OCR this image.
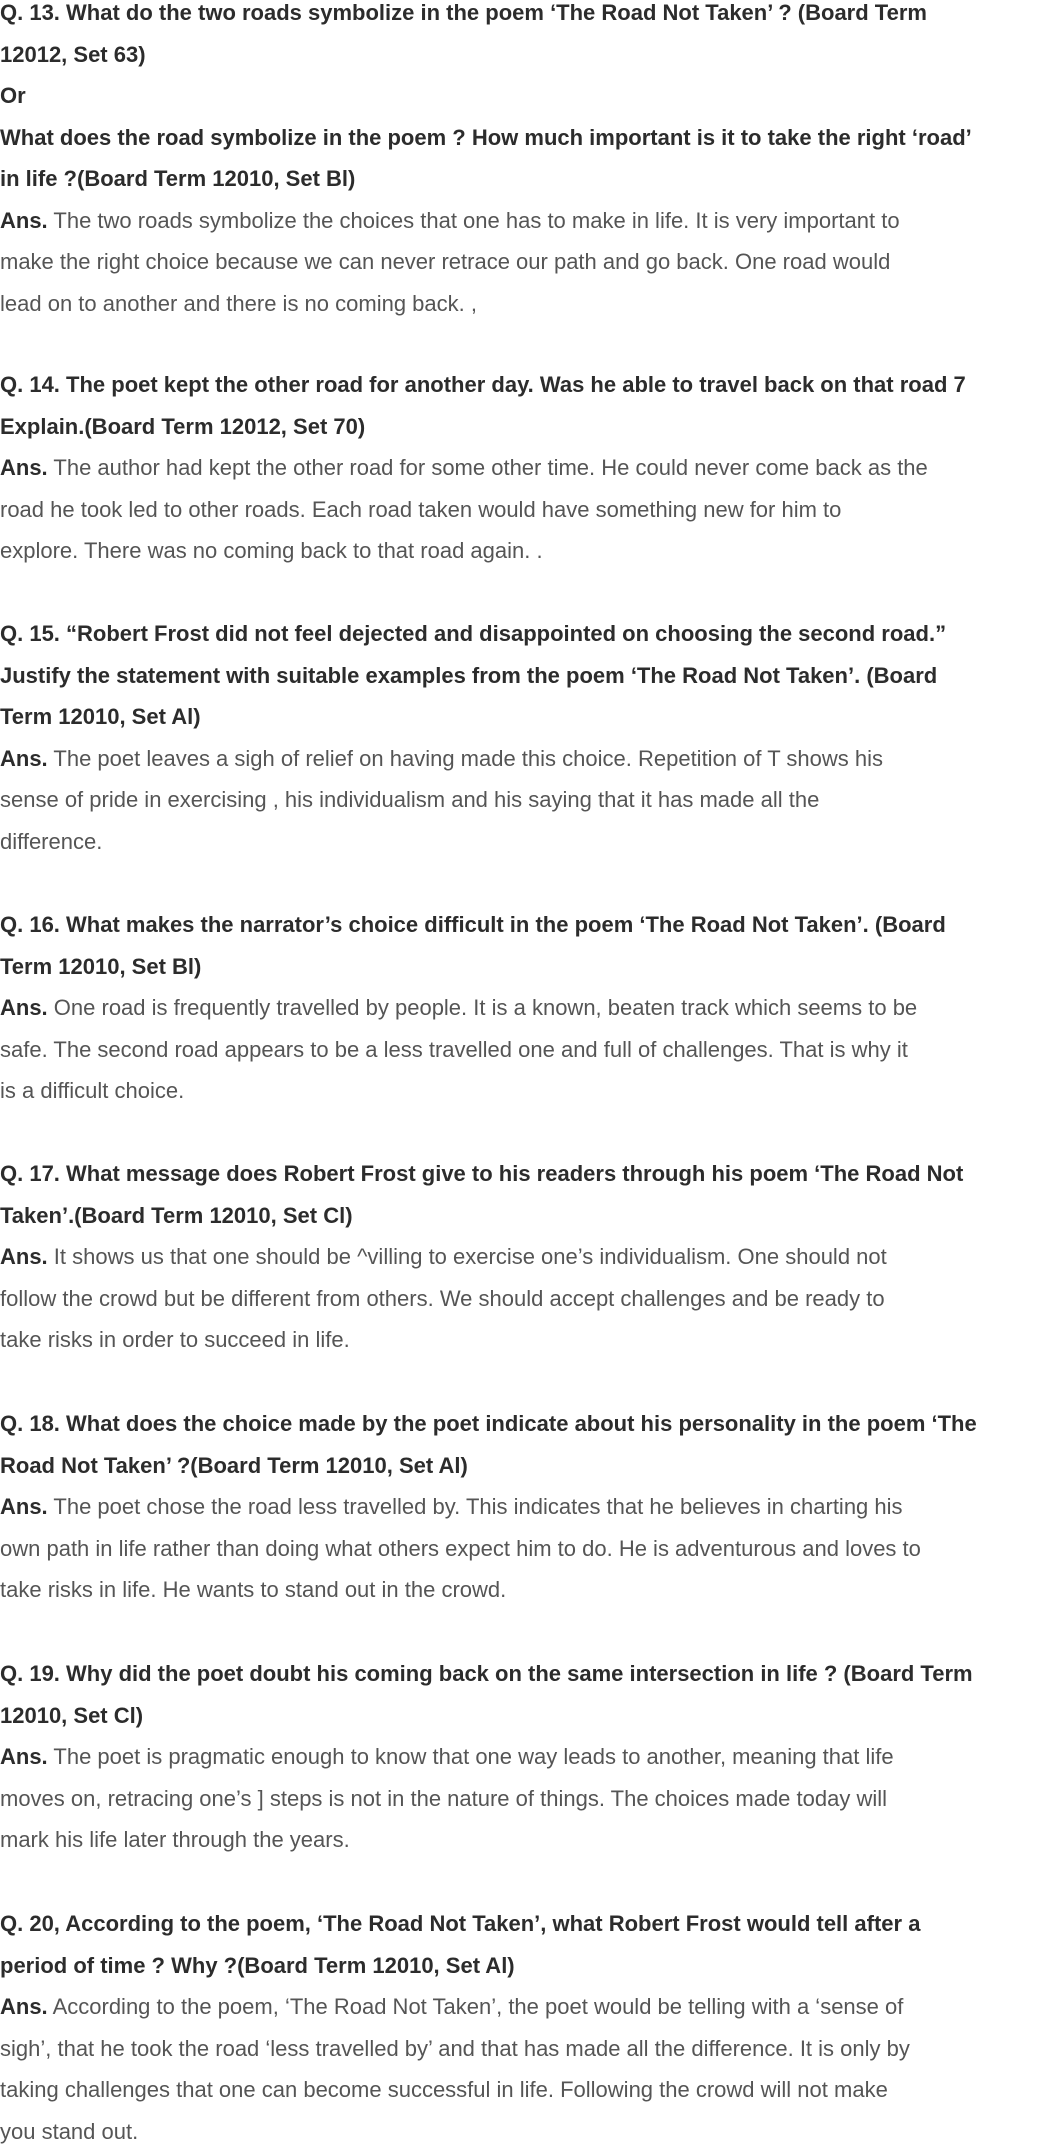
Q. 13. What do the two roads symbolize in the poem ‘The Road Not Taken’ ? (Board Term
12012, Set 63)
Or
What does the road symbolize in the poem ? How much important is it to take the right ‘road’
in life ?(Board Term 12010, Set Bl)
Ans. The two roads symbolize the choices that one has to make in life. It is very important to
make the right choice because we can never retrace our path and go back. One road would
lead on to another and there is no coming back. ,
Q. 14. The poet kept the other road for another day. Was he able to travel back on that road 7
Explain.(Board Term 12012, Set 70)
Ans. The author had kept the other road for some other time. He could never come back as the
road he took led to other roads. Each road taken would have something new for him to
explore. There was no coming back to that road again. .
Q. 15. “Robert Frost did not feel dejected and disappointed on choosing the second road.”
Justify the statement with suitable examples from the poem ‘The Road Not Taken’. (Board
Term 12010, Set Al)
Ans. The poet leaves a sigh of relief on having made this choice. Repetition of T shows his
sense of pride in exercising , his individualism and his saying that it has made all the
difference.
Q. 16. What makes the narrator’s choice difficult in the poem ‘The Road Not Taken’. (Board
Term 12010, Set Bl)
Ans. One road is frequently travelled by people. It is a known, beaten track which seems to be
safe. The second road appears to be a less travelled one and full of challenges. That is why it
is a difficult choice.
Q. 17. What message does Robert Frost give to his readers through his poem ‘The Road Not
Taken’.(Board Term 12010, Set Cl)
Ans. It shows us that one should be ^villing to exercise one’s individualism. One should not
follow the crowd but be different from others. We should accept challenges and be ready to
take risks in order to succeed in life.
Q. 18. What does the choice made by the poet indicate about his personality in the poem ‘The
Road Not Taken’ ?(Board Term 12010, Set Al)
Ans. The poet chose the road less travelled by. This indicates that he believes in charting his
own path in life rather than doing what others expect him to do. He is adventurous and loves to
take risks in life. He wants to stand out in the crowd.
Q. 19. Why did the poet doubt his coming back on the same intersection in life ? (Board Term
12010, Set Cl)
Ans. The poet is pragmatic enough to know that one way leads to another, meaning that life
moves on, retracing one’s ] steps is not in the nature of things. The choices made today will
mark his life later through the years.
Q. 20, According to the poem, ‘The Road Not Taken’, what Robert Frost would tell after a
period of time ? Why ?(Board Term 12010, Set Al)
Ans. According to the poem, ‘The Road Not Taken’, the poet would be telling with a ‘sense of
sigh’, that he took the road ‘less travelled by’ and that has made all the difference. It is only by
taking challenges that one can become successful in life. Following the crowd will not make
you stand out.
